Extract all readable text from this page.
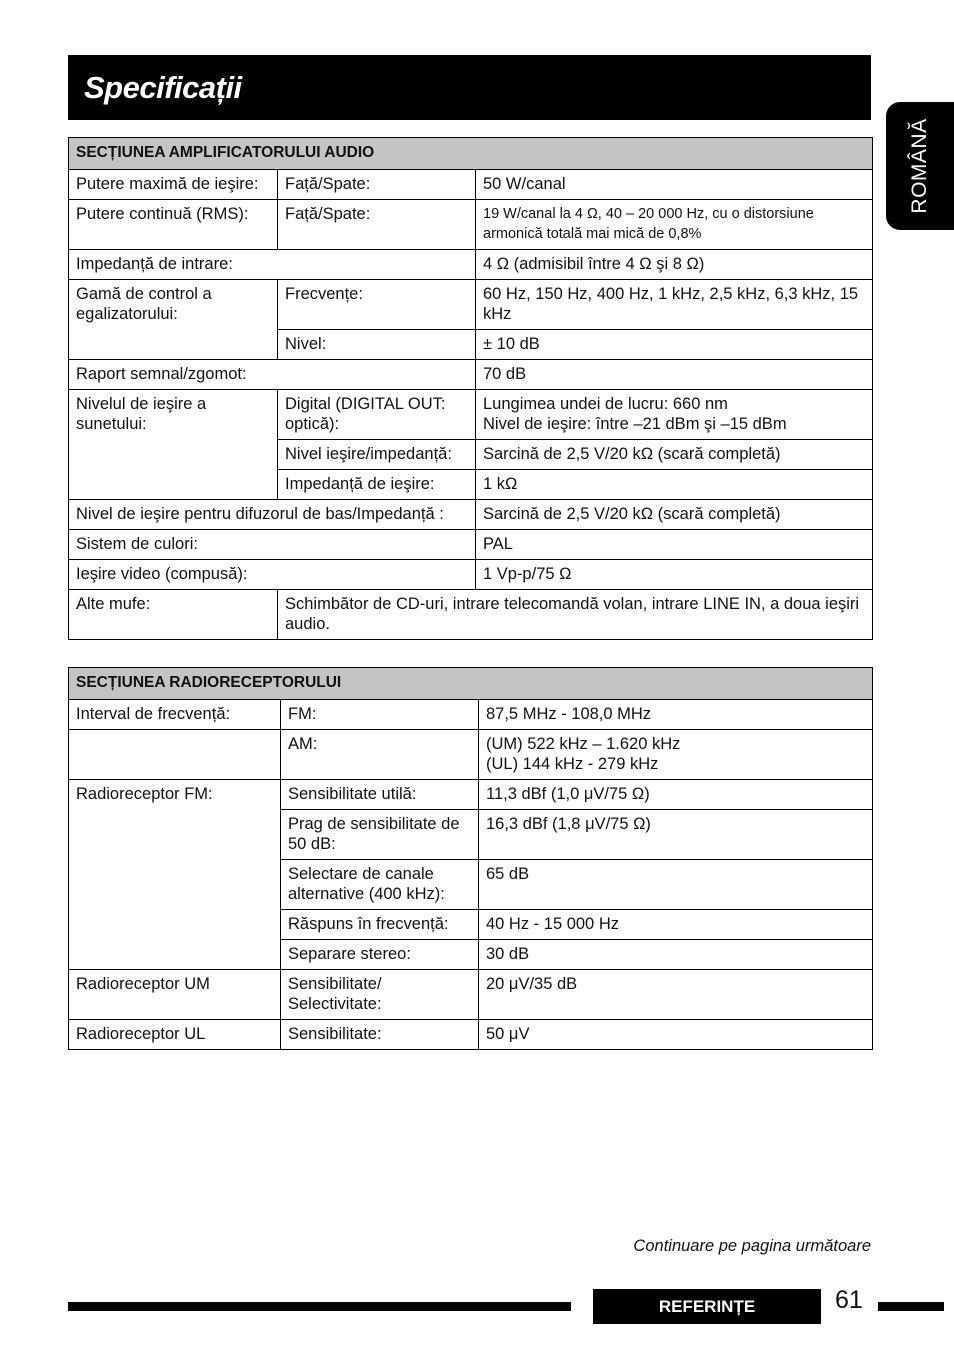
Specificații
ROMÂNĂ
SECȚIUNEA AMPLIFICATORULUI AUDIO		
Putere maximă de ieşire:	Față/Spate:	50 W/canal
Putere continuă (RMS):	Față/Spate:	19 W/canal la 4 Ω, 40 – 20 000 Hz, cu o distorsiune armonică totală mai mică de 0,8%
Impedanță de intrare:		4 Ω (admisibil între 4 Ω şi 8 Ω)
Gamă de control a egalizatorului:	Frecvențe:	60 Hz, 150 Hz, 400 Hz, 1 kHz, 2,5 kHz, 6,3 kHz, 15 kHz
	Nivel:	± 10 dB
Raport semnal/zgomot:		70 dB
Nivelul de ieşire a sunetului:	Digital (DIGITAL OUT: optică):	Lungimea undei de lucru: 660 nm
Nivel de ieşire: între –21 dBm şi –15 dBm
	Nivel ieşire/impedanță:	Sarcină de 2,5 V/20 kΩ (scară completă)
	Impedanță de ieşire:	1 kΩ
Nivel de ieşire pentru difuzorul de bas/Impedanță :		Sarcină de 2,5 V/20 kΩ (scară completă)
Sistem de culori:		PAL
Ieşire video (compusă):		1 Vp-p/75 Ω
Alte mufe:	Schimbător de CD-uri, intrare telecomandă volan, intrare LINE IN, a doua ieşiri audio.	
SECȚIUNEA RADIORECEPTORULUI		
Interval de frecvență:	FM:	87,5 MHz - 108,0 MHz
	AM:	(UM) 522 kHz – 1.620 kHz
(UL) 144 kHz - 279 kHz
Radioreceptor FM:	Sensibilitate utilă:	11,3 dBf (1,0 μV/75 Ω)
	Prag de sensibilitate de 50 dB:	16,3 dBf (1,8 μV/75 Ω)
	Selectare de canale alternative (400 kHz):	65 dB
	Răspuns în frecvență:	40 Hz - 15 000 Hz
	Separare stereo:	30 dB
Radioreceptor UM	Sensibilitate/ Selectivitate:	20 μV/35 dB
Radioreceptor UL	Sensibilitate:	50 μV
Continuare pe pagina următoare
REFERINȚE	61
